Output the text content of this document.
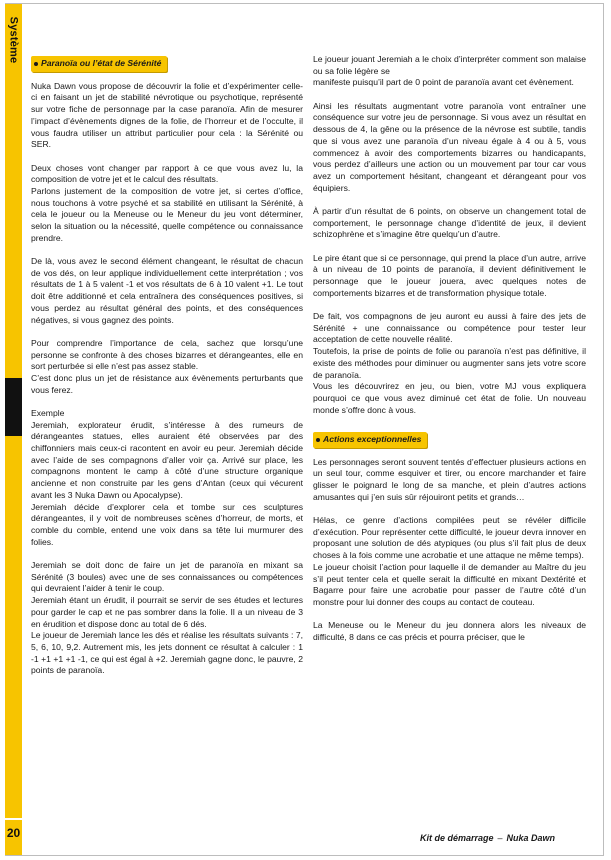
Système
20
Paranoïa ou l’état de Sérénité

Nuka Dawn vous propose de découvrir la folie et d’expérimenter celle-ci en faisant un jet de stabilité névrotique ou psychotique, représenté sur votre fiche de personnage par la case paranoïa. Afin de mesurer l’impact d’évènements dignes de la folie, de l’horreur et de l’occulte, il vous faudra utiliser un attribut particulier pour cela : la Sérénité ou SER.

Deux choses vont changer par rapport à ce que vous avez lu, la composition de votre jet et le calcul des résultats.

Parlons justement de la composition de votre jet, si certes d’office, nous touchons à votre psyché et sa stabilité en utilisant la Sérénité, à cela le joueur ou la Meneuse ou le Meneur du jeu vont déterminer, selon la situation ou la nécessité, quelle compétence ou connaissance prendre.

De là, vous avez le second élément changeant, le résultat de chacun de vos dés, on leur applique individuellement cette interprétation ; vos résultats de 1 à 5 valent -1 et vos résultats de 6 à 10 valent +1. Le tout doit être additionné et cela entraînera des conséquences positives, si vous perdez au résultat général des points, et des conséquences négatives, si vous gagnez des points.

Pour comprendre l’importance de cela, sachez que lorsqu’une personne se confronte à des choses bizarres et dérangeantes, elle en sort perturbée si elle n’est pas assez stable.

C’est donc plus un jet de résistance aux évènements perturbants que vous ferez.

Exemple

Jeremiah, explorateur érudit, s’intéresse à des rumeurs de dérangeantes statues, elles auraient été observées par des chiffonniers mais ceux-ci racontent en avoir eu peur. Jeremiah décide avec l’aide de ses compagnons d’aller voir ça. Arrivé sur place, les compagnons montent le camp à côté d’une structure organique ancienne et non construite par les gens d’Antan (ceux qui vécurent avant les 3 Nuka Dawn ou Apocalypse).

Jeremiah décide d’explorer cela et tombe sur ces sculptures dérangeantes, il y voit de nombreuses scènes d’horreur, de morts, et comble du comble, entend une voix dans sa tête lui murmurer des folies.

Jeremiah se doit donc de faire un jet de paranoïa en mixant sa Sérénité (3 boules) avec une de ses connaissances ou compétences qui devraient l’aider à tenir le coup.

Jeremiah étant un érudit, il pourrait se servir de ses études et lectures pour garder le cap et ne pas sombrer dans la folie. Il a un niveau de 3 en érudition et dispose donc au total de 6 dés.

Le joueur de Jeremiah lance les dés et réalise les résultats suivants : 7, 5, 6, 10, 9,2. Autrement mis, les jets donnent ce résultat à calculer : 1 -1 +1 +1 +1 -1, ce qui est égal à +2. Jeremiah gagne donc, le pauvre, 2 points de paranoïa.

Le joueur jouant Jeremiah a le choix d’interpréter comment son malaise ou sa folie légère se

manifeste puisqu’il part de 0 point de paranoïa avant cet évènement.

Ainsi les résultats augmentant votre paranoïa vont entraîner une conséquence sur votre jeu de personnage. Si vous avez un résultat en dessous de 4, la gêne ou la présence de la névrose est subtile, tandis que si vous avez une paranoïa d’un niveau égale à 4 ou à 5, vous commencez à avoir des comportements bizarres ou handicapants, vous perdez d’ailleurs une action ou un mouvement par tour car vous avez un comportement hésitant, changeant et dérangeant pour vos équipiers.

À partir d’un résultat de 6 points, on observe un changement total de comportement, le personnage change d’identité de jeux, il devient schizophrène et s’imagine être quelqu’un d’autre.

Le pire étant que si ce personnage, qui prend la place d’un autre, arrive à un niveau de 10 points de paranoïa, il devient définitivement le personnage que le joueur jouera, avec quelques notes de comportements bizarres et de transformation physique totale.

De fait, vos compagnons de jeu auront eu aussi à faire des jets de Sérénité + une connaissance ou compétence pour tester leur acceptation de cette nouvelle réalité.

Toutefois, la prise de points de folie ou paranoïa n’est pas définitive, il existe des méthodes pour diminuer ou augmenter sans jets votre score de paranoïa.

Vous les découvrirez en jeu, ou bien, votre MJ vous expliquera pourquoi ce que vous avez diminué cet état de folie. Un nouveau monde s’offre donc à vous.

Actions exceptionnelles

Les personnages seront souvent tentés d’effectuer plusieurs actions en un seul tour, comme esquiver et tirer, ou encore marchander et faire glisser le poignard le long de sa manche, et plein d’autres actions amusantes qui j’en suis sûr réjouiront petits et grands…

Hélas, ce genre d’actions compilées peut se révéler difficile d’exécution. Pour représenter cette difficulté, le joueur devra innover en proposant une solution de dés atypiques (ou plus s’il fait plus de deux choses à la fois comme une acrobatie et une attaque ne même temps).

Le joueur choisit l’action pour laquelle il de demander au Maître du jeu s’il peut tenter cela et quelle serait la difficulté en mixant Dextérité et Bagarre pour faire une acrobatie pour passer de l’autre côté d’un monstre pour lui donner des coups au contact de couteau.

La Meneuse ou le Meneur du jeu donnera alors les niveaux de difficulté, 8 dans ce cas précis et pourra préciser, que le

Kit de démarrage – Nuka Dawn
